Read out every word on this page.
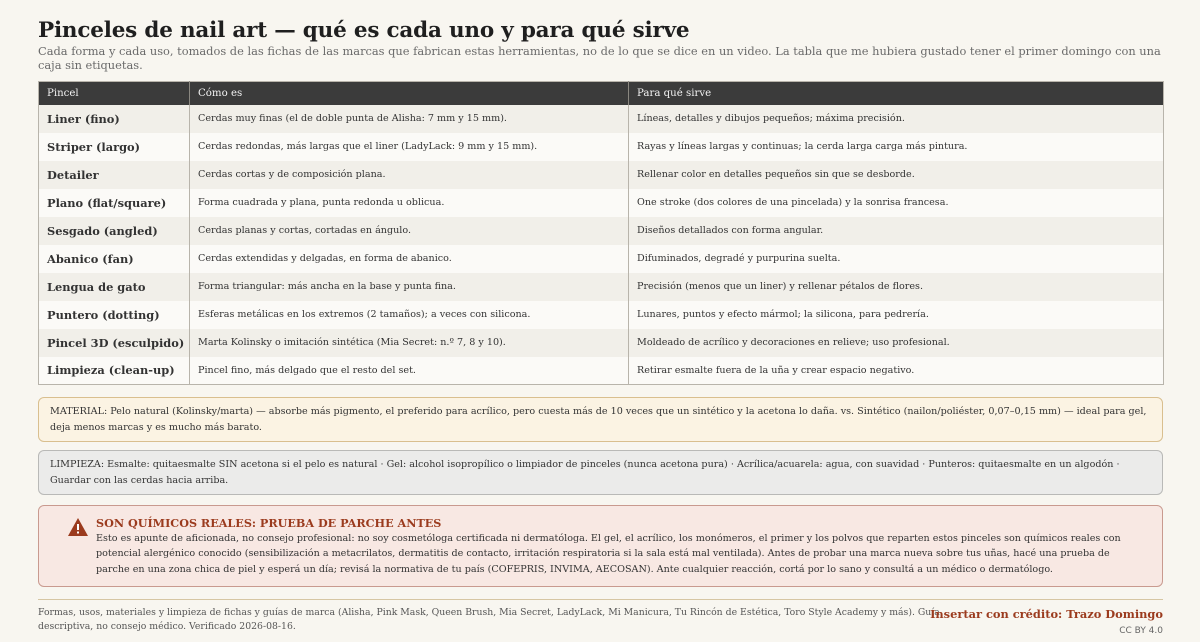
Pinceles de nail art — qué es cada uno y para qué sirve

Cada forma y cada uso, tomados de las fichas de las marcas que fabrican estas herramientas, no de lo que se dice en un video. La tabla que me hubiera gustado tener el primer domingo con una caja sin etiquetas.

Pincel	Cómo es	Para qué sirve
Liner (fino)	Cerdas muy finas (el de doble punta de Alisha: 7 mm y 15 mm).	Líneas, detalles y dibujos pequeños; máxima precisión.
Striper (largo)	Cerdas redondas, más largas que el liner (LadyLack: 9 mm y 15 mm).	Rayas y líneas largas y continuas; la cerda larga carga más pintura.
Detailer	Cerdas cortas y de composición plana.	Rellenar color en detalles pequeños sin que se desborde.
Plano (flat/square)	Forma cuadrada y plana, punta redonda u oblicua.	One stroke (dos colores de una pincelada) y la sonrisa francesa.
Sesgado (angled)	Cerdas planas y cortas, cortadas en ángulo.	Diseños detallados con forma angular.
Abanico (fan)	Cerdas extendidas y delgadas, en forma de abanico.	Difuminados, degradé y purpurina suelta.
Lengua de gato	Forma triangular: más ancha en la base y punta fina.	Precisión (menos que un liner) y rellenar pétalos de flores.
Puntero (dotting)	Esferas metálicas en los extremos (2 tamaños); a veces con silicona.	Lunares, puntos y efecto mármol; la silicona, para pedrería.
Pincel 3D (esculpido)	Marta Kolinsky o imitación sintética (Mia Secret: n.º 7, 8 y 10).	Moldeado de acrílico y decoraciones en relieve; uso profesional.
Limpieza (clean-up)	Pincel fino, más delgado que el resto del set.	Retirar esmalte fuera de la uña y crear espacio negativo.
MATERIAL: Pelo natural (Kolinsky/marta) — absorbe más pigmento, el preferido para acrílico, pero cuesta más de 10 veces que un sintético y la acetona lo daña. vs. Sintético (nailon/poliéster, 0,07–0,15 mm) — ideal para gel, deja menos marcas y es mucho más barato.
LIMPIEZA: Esmalte: quitaesmalte SIN acetona si el pelo es natural · Gel: alcohol isopropílico o limpiador de pinceles (nunca acetona pura) · Acrílica/acuarela: agua, con suavidad · Punteros: quitaesmalte en un algodón · Guardar con las cerdas hacia arriba.
SON QUÍMICOS REALES: PRUEBA DE PARCHE ANTES
Esto es apunte de aficionada, no consejo profesional: no soy cosmetóloga certificada ni dermatóloga. El gel, el acrílico, los monómeros, el primer y los polvos que reparten estos pinceles son químicos reales con potencial alergénico conocido (sensibilización a metacrilatos, dermatitis de contacto, irritación respiratoria si la sala está mal ventilada). Antes de probar una marca nueva sobre tus uñas, hacé una prueba de parche en una zona chica de piel y esperá un día; revisá la normativa de tu país (COFEPRIS, INVIMA, AECOSAN). Ante cualquier reacción, cortá por lo sano y consultá a un médico o dermatólogo.
Formas, usos, materiales y limpieza de fichas y guías de marca (Alisha, Pink Mask, Queen Brush, Mia Secret, LadyLack, Mi Manicura, Tu Rincón de Estética, Toro Style Academy y más). Guía descriptiva, no consejo médico. Verificado 2026-08-16.
Insertar con crédito: Trazo Domingo
CC BY 4.0
